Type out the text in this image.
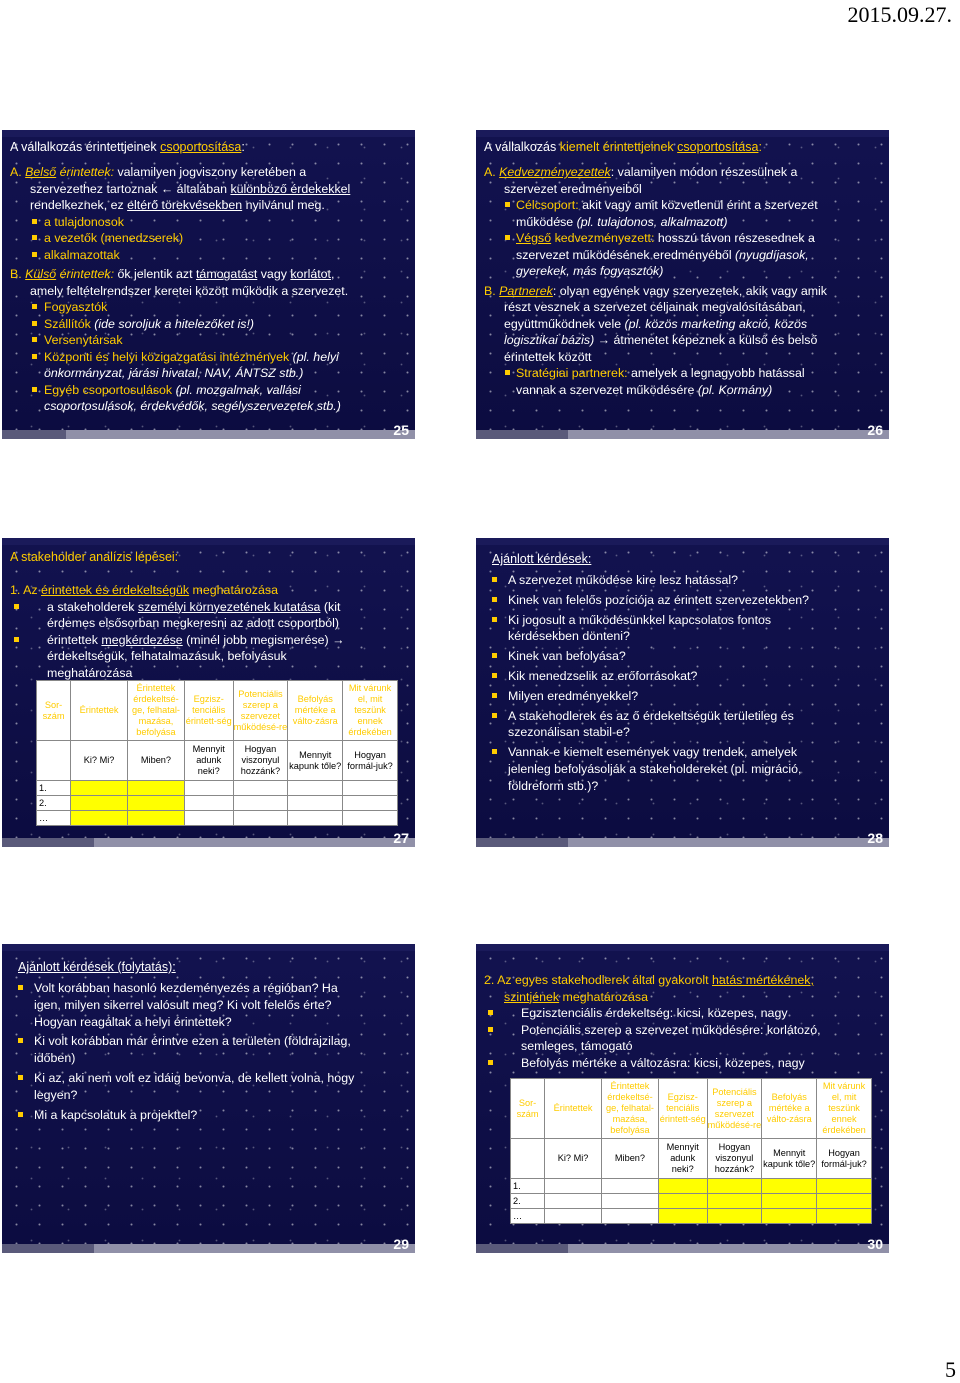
2015.09.27.
A vállalkozás érintettjeinek csoportosítása:
A. Belső érintettek: valamilyen jogviszony keretében a
szervezethez tartoznak ← általában különböző érdekekkel
rendelkeznek, ez eltérő törekvésekben nyilvánul meg.
a tulajdonosok
a vezetők (menedzserek)
alkalmazottak
B. Külső érintettek: ők jelentik azt támogatást vagy korlátot,
amely feltételrendszer keretei között működik a szervezet.
Fogyasztók
Szállítók (ide soroljuk a hitelezőket is!)
Versenytársak
Központi és helyi közigazgatási intézmények (pl. helyi
önkormányzat, járási hivatal, NAV, ÁNTSZ stb.)
Egyéb csoportosulások (pl. mozgalmak, vallási
csoportosulások, érdekvédők, segélyszervezetek stb.)
25
A vállalkozás kiemelt érintettjeinek csoportosítása:
A. Kedvezményezettek: valamilyen módon részesülnek a
szervezet eredményeiből
Célcsoport: akit vagy amit közvetlenül érint a szervezet
működése (pl. tulajdonos, alkalmazott)
Végső kedvezményezett: hosszú távon részesednek a
szervezet működésének eredményéből (nyugdíjasok,
gyerekek, más fogyasztók)
B. Partnerek: olyan egyének vagy szervezetek, akik vagy amik
részt vesznek a szervezet céljainak megvalósításában,
együttműködnek vele (pl. közös marketing akció, közös
logisztikai bázis) → átmenetet képeznek a külső és belső
érintettek között
Stratégiai partnerek: amelyek a legnagyobb hatással
vannak a szervezet működésére (pl. Kormány)
26
A stakeholder analízis lépései:
1. Az érintettek és érdekeltségük meghatározása
a stakeholderek személyi környezetének kutatása (kit
érdemes elsősorban megkeresni az adott csoportból)
érintettek megkérdezése (minél jobb megismerése) →
érdekeltségük, felhatalmazásuk, befolyásuk
meghatározása
Sor-szám	Érintettek	Érintettek érdekeltsé-ge, felhatal-mazása, befolyása	Egzisz-tenciális érintett-ség	Potenciális szerep a szervezet működésé-re	Befolyás mértéke a válto-zásra	Mit várunk el, mit teszünk ennek érdekében
	Ki? Mi?	Miben?	Mennyit adunk neki?	Hogyan viszonyul hozzánk?	Mennyit kapunk tőle?	Hogyan formál-juk?
1.						
2.						
…						
27
Ajánlott kérdések:
A szervezet működése kire lesz hatással?
Kinek van felelős pozíciója az érintett szervezetekben?
Ki jogosult a működésünkkel kapcsolatos fontos
kérdésekben dönteni?
Kinek van befolyása?
Kik menedzselik az erőforrásokat?
Milyen eredményekkel?
A stakehodlerek és az ő érdekeltségük területileg és
szezonálisan stabil-e?
Vannak-e kiemelt események vagy trendek, amelyek
jelenleg befolyásolják a stakeholdereket (pl. migráció,
földreform stb.)?
28
Ajánlott kérdések (folytatás):
Volt korábban hasonló kezdeményezés a régióban? Ha
igen, milyen sikerrel valósult meg? Ki volt felelős érte?
Hogyan reagáltak a helyi érintettek?
Ki volt korábban már érintve ezen a területen (földrajzilag,
időben)
Ki az, aki nem volt ez idáig bevonva, de kellett volna, hogy
legyen?
Mi a kapcsolatuk a projekttel?
29
2. Az egyes stakehodlerek által gyakorolt hatás mértékének,
szintjének meghatározása
Egzisztenciális érdekeltség: kicsi, közepes, nagy
Potenciális szerep a szervezet működésére: korlátozó,
semleges, támogató
Befolyás mértéke a változásra: kicsi, közepes, nagy
Sor-szám	Érintettek	Érintettek érdekeltsé-ge, felhatal-mazása, befolyása	Egzisz-tenciális érintett-ség	Potenciális szerep a szervezet működésé-re	Befolyás mértéke a válto-zásra	Mit várunk el, mit teszünk ennek érdekében
	Ki? Mi?	Miben?	Mennyit adunk neki?	Hogyan viszonyul hozzánk?	Mennyit kapunk tőle?	Hogyan formál-juk?
1.						
2.						
…						
30
5
